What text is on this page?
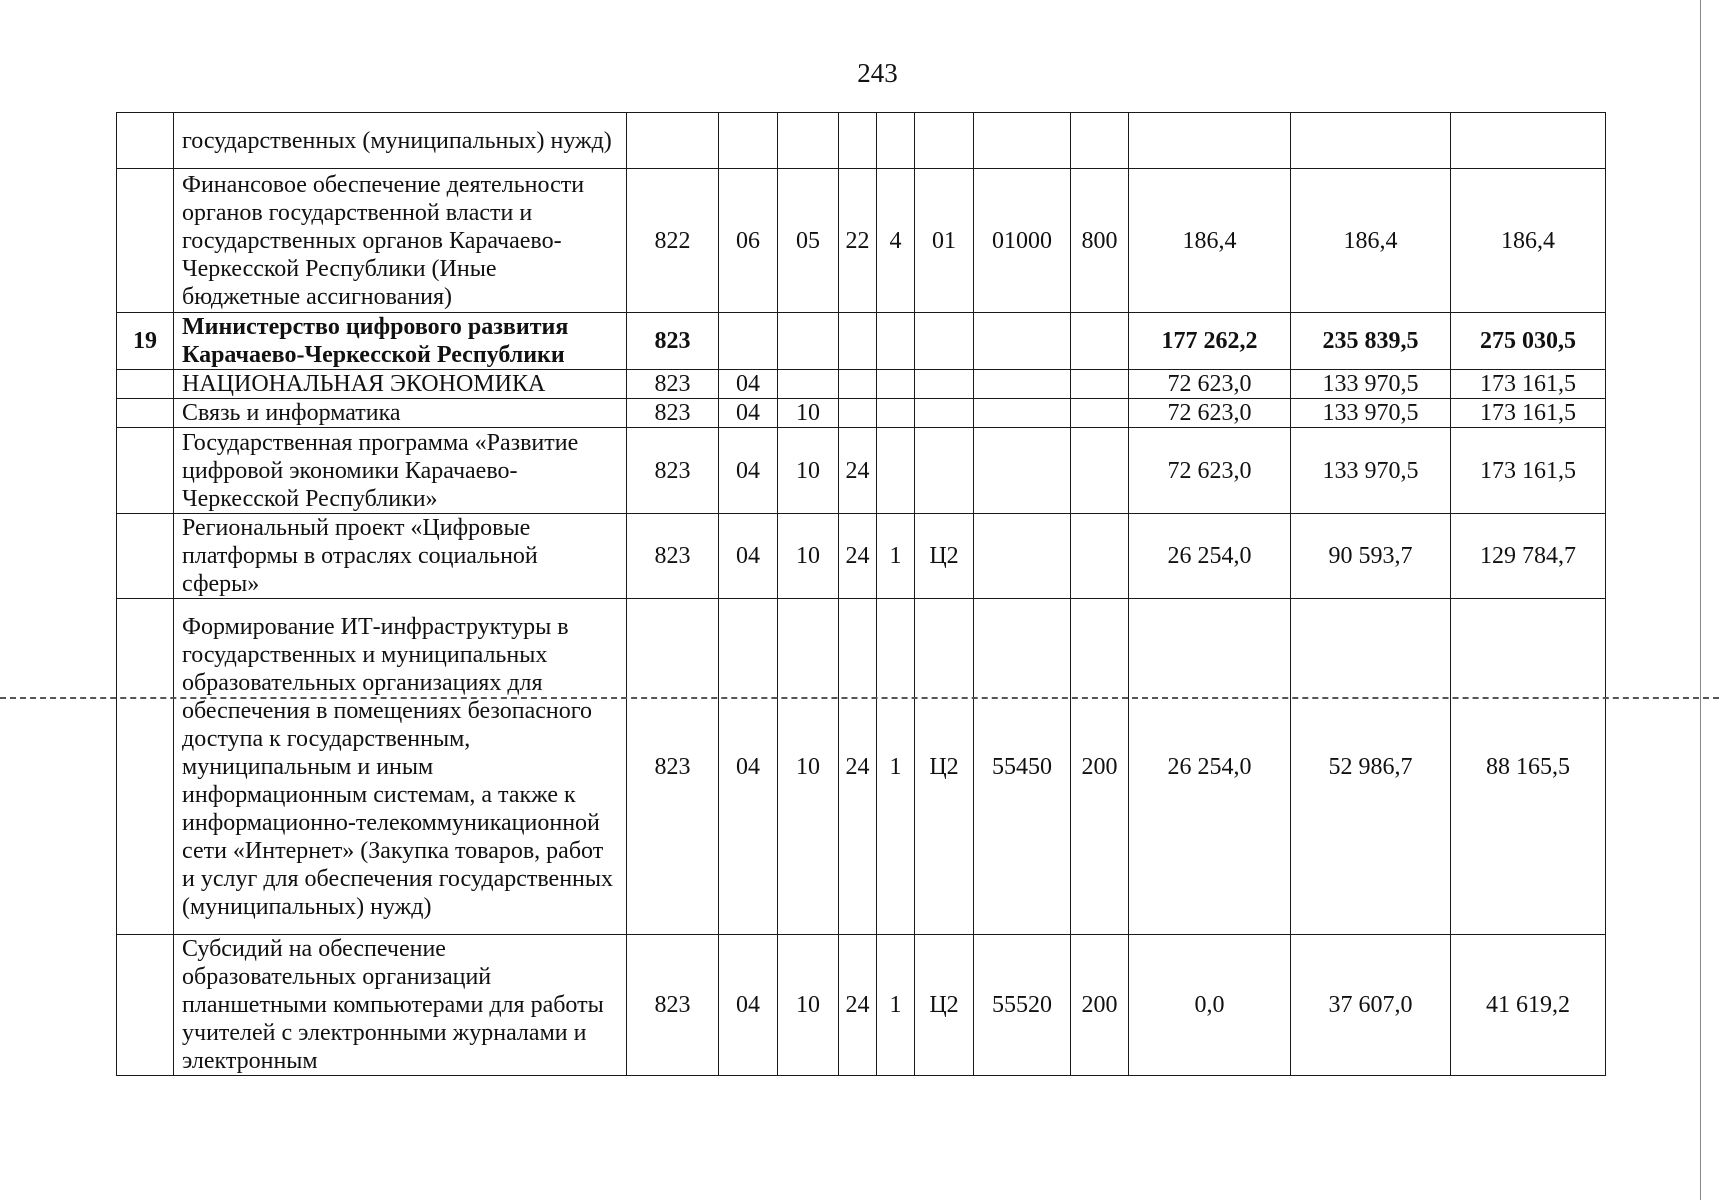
243
	государственных (муниципальных) нужд)											
	Финансовое обеспечение деятельности органов государственной власти и государственных органов Карачаево-Черкесской Республики (Иные бюджетные ассигнования)	822	06	05	22	4	01	01000	800	186,4	186,4	186,4
19	Министерство цифрового развития Карачаево-Черкесской Республики	823								177 262,2	235 839,5	275 030,5
	НАЦИОНАЛЬНАЯ ЭКОНОМИКА	823	04							72 623,0	133 970,5	173 161,5
	Связь и информатика	823	04	10						72 623,0	133 970,5	173 161,5
	Государственная программа «Развитие цифровой экономики Карачаево-Черкесской Республики»	823	04	10	24					72 623,0	133 970,5	173 161,5
	Региональный проект «Цифровые платформы в отраслях социальной сферы»	823	04	10	24	1	Ц2			26 254,0	90 593,7	129 784,7
	Формирование ИТ-инфраструктуры в государственных и муниципальных образовательных организациях для обеспечения в помещениях безопасного доступа к государственным, муниципальным и иным информационным системам, а также к информационно-телекоммуникационной сети «Интернет» (Закупка товаров, работ и услуг для обеспечения государственных (муниципальных) нужд)	823	04	10	24	1	Ц2	55450	200	26 254,0	52 986,7	88 165,5
	Субсидий на обеспечение образовательных организаций планшетными компьютерами для работы учителей с электронными журналами и электронным	823	04	10	24	1	Ц2	55520	200	0,0	37 607,0	41 619,2
